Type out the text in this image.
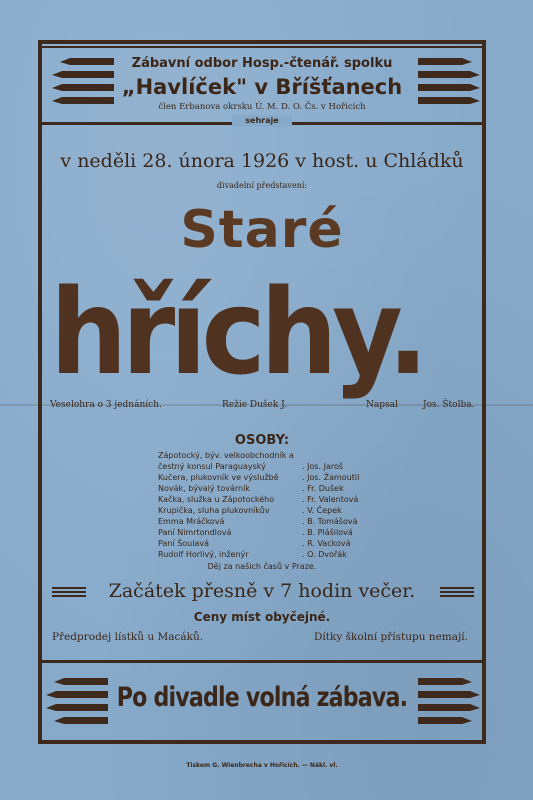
Zábavní odbor Hosp.-čtenář. spolku
„Havlíček" v Bříšťanech
člen Erbanova okrsku Ú. M. D. O. Čs. v Hořicích
sehraje
v neděli 28. února 1926 v host. u Chládků
divadelní představení:
Staré
hříchy.
Veselohra o 3 jednáních.	Režie Dušek J.	Napsal	Jos. Štolba.
OSOBY:
Zápotocký, býv. velkoobchodník a
čestný konsul Paraguayský	. Jos. Jaroš
Kučera, plukovník ve výslužbě	. Jos. Žamoutil
Novák, bývalý továrník	. Fr. Dušek
Kačka, služka u Zápotockého	. Fr. Valentová
Krupička, sluha plukovníkův	. V. Čepek
Emma Mráčková	. B. Tomášová
Paní Nimrtondlová	. B. Plášilová
Paní Šoulavá	. R. Vacková
Rudolf Horlivý, inženýr	. O. Dvořák
Děj za našich časů v Praze.
Začátek přesně v 7 hodin večer.
Ceny míst obyčejné.
Předprodej lístků u Macáků.	Dítky školní přístupu nemají.
Po divadle volná zábava.
Tiskem G. Wienbrecha v Hořicích. — Nákl. vl.
